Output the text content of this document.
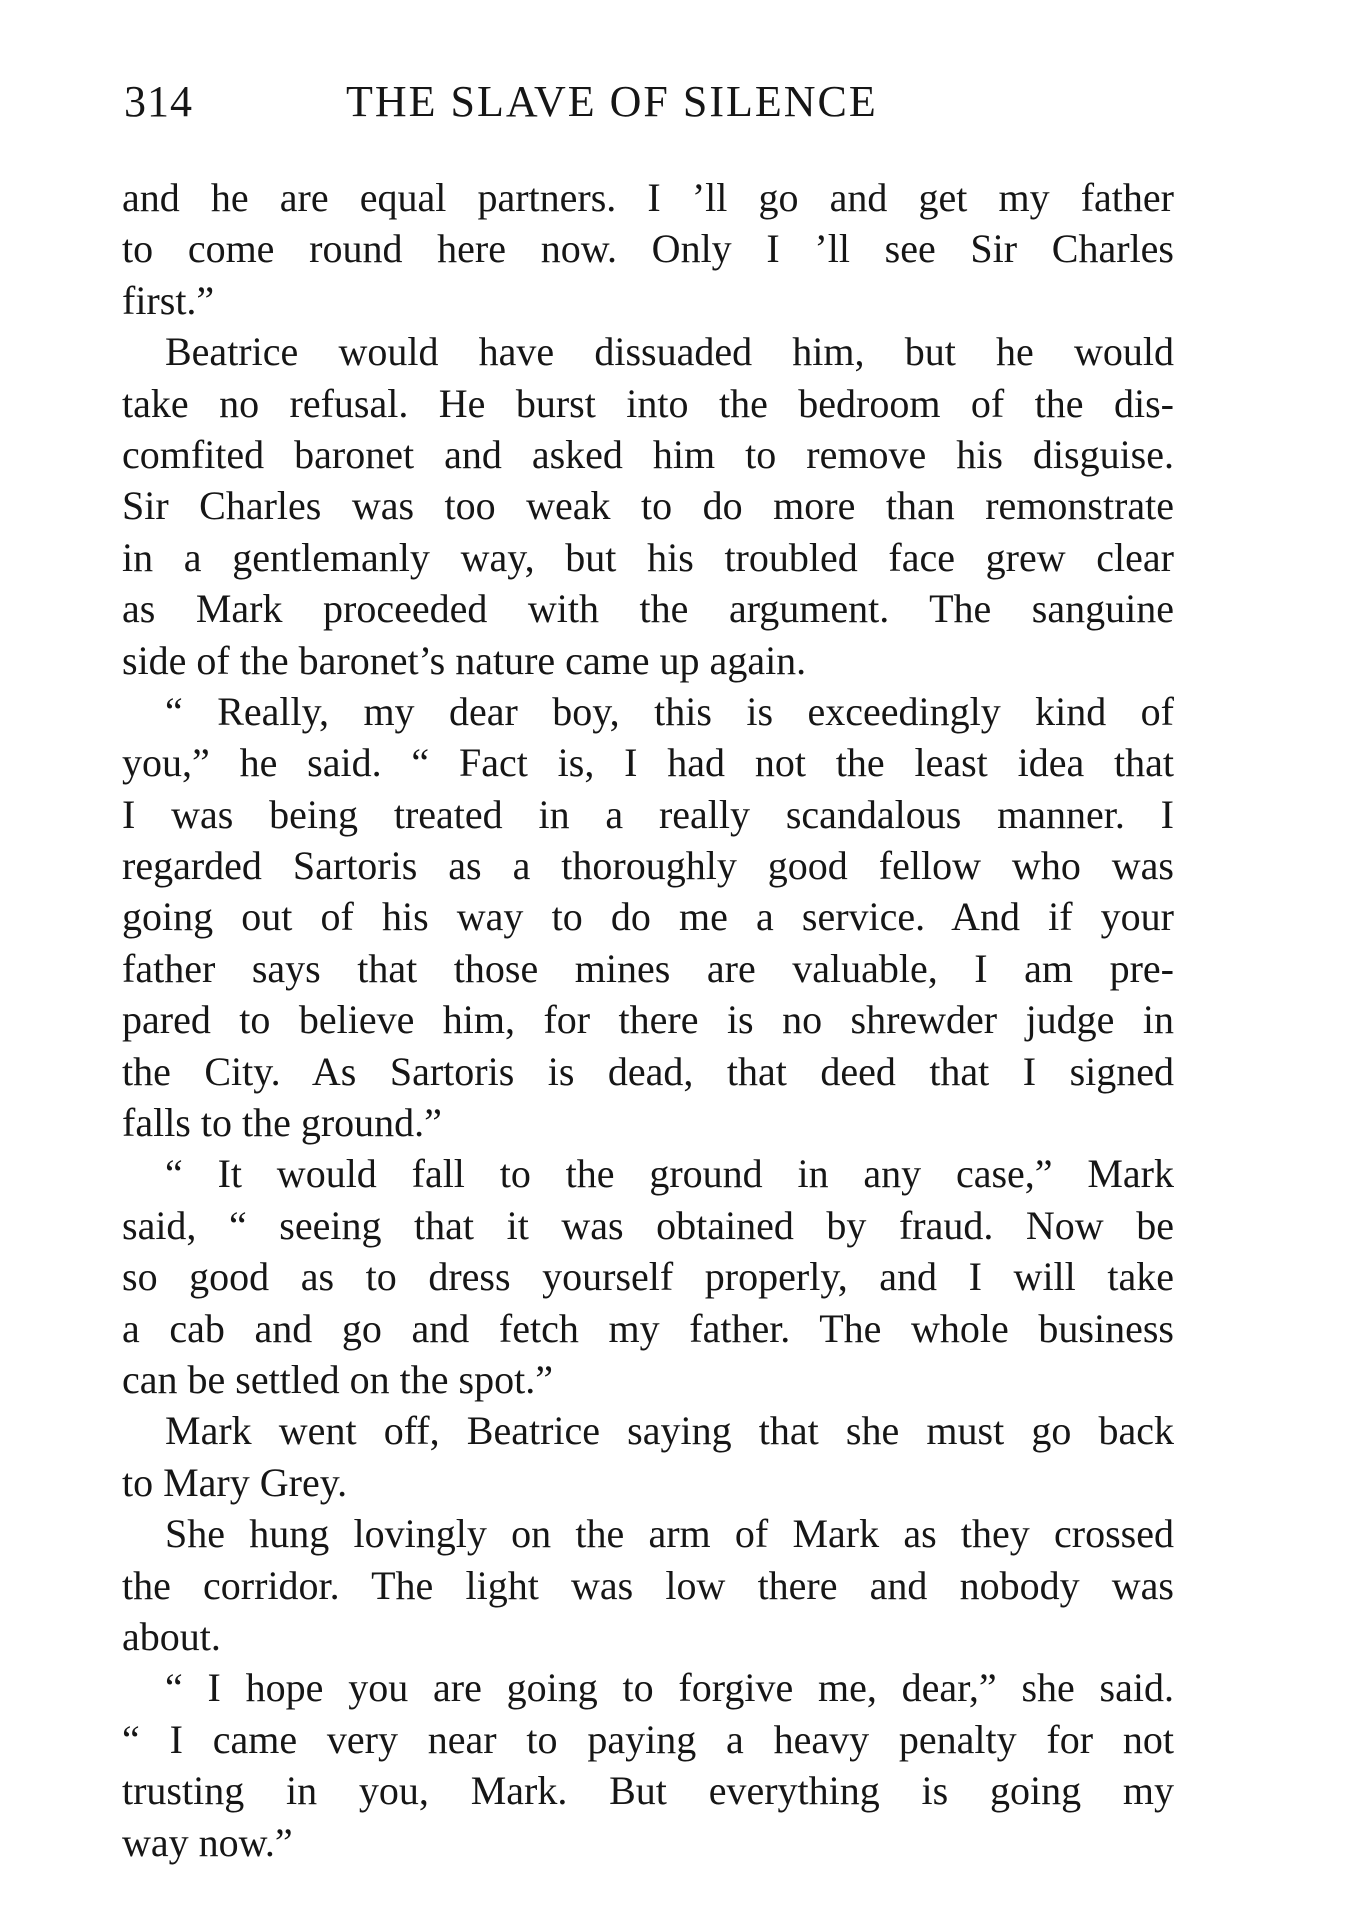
314	THE SLAVE OF SILENCE
and he are equal partners. I ’ll go and get my father
to come round here now. Only I ’ll see Sir Charles
first.”
Beatrice would have dissuaded him, but he would
take no refusal. He burst into the bedroom of the dis-
comfited baronet and asked him to remove his disguise.
Sir Charles was too weak to do more than remonstrate
in a gentlemanly way, but his troubled face grew clear
as Mark proceeded with the argument. The sanguine
side of the baronet’s nature came up again.
“ Really, my dear boy, this is exceedingly kind of
you,” he said. “ Fact is, I had not the least idea that
I was being treated in a really scandalous manner. I
regarded Sartoris as a thoroughly good fellow who was
going out of his way to do me a service. And if your
father says that those mines are valuable, I am pre-
pared to believe him, for there is no shrewder judge in
the City. As Sartoris is dead, that deed that I signed
falls to the ground.”
“ It would fall to the ground in any case,” Mark
said, “ seeing that it was obtained by fraud. Now be
so good as to dress yourself properly, and I will take
a cab and go and fetch my father. The whole business
can be settled on the spot.”
Mark went off, Beatrice saying that she must go back
to Mary Grey.
She hung lovingly on the arm of Mark as they crossed
the corridor. The light was low there and nobody was
about.
“ I hope you are going to forgive me, dear,” she said.
“ I came very near to paying a heavy penalty for not
trusting in you, Mark. But everything is going my
way now.”
